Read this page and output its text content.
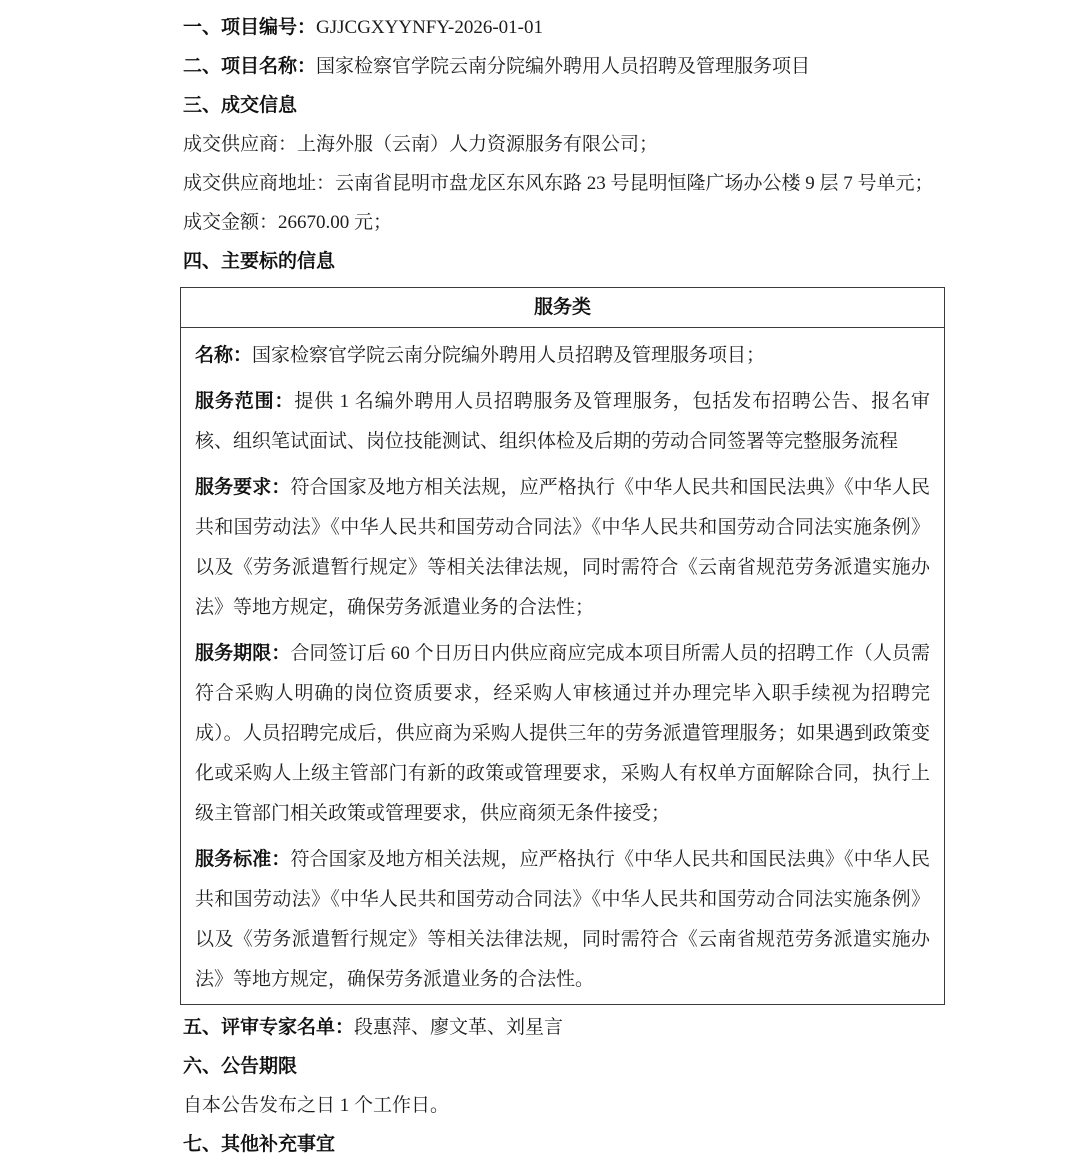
一、项目编号：GJJCGXYYNFY-2026-01-01

二、项目名称：国家检察官学院云南分院编外聘用人员招聘及管理服务项目

三、成交信息

成交供应商：上海外服（云南）人力资源服务有限公司；

成交供应商地址：云南省昆明市盘龙区东风东路 23 号昆明恒隆广场办公楼 9 层 7 号单元；

成交金额：26670.00 元；

四、主要标的信息

服务类

名称：国家检察官学院云南分院编外聘用人员招聘及管理服务项目；

服务范围：提供 1 名编外聘用人员招聘服务及管理服务，包括发布招聘公告、报名审核、组织笔试面试、岗位技能测试、组织体检及后期的劳动合同签署等完整服务流程

服务要求：符合国家及地方相关法规，应严格执行《中华人民共和国民法典》《中华人民共和国劳动法》《中华人民共和国劳动合同法》《中华人民共和国劳动合同法实施条例》以及《劳务派遣暂行规定》等相关法律法规，同时需符合《云南省规范劳务派遣实施办法》等地方规定，确保劳务派遣业务的合法性；

服务期限：合同签订后 60 个日历日内供应商应完成本项目所需人员的招聘工作（人员需符合采购人明确的岗位资质要求，经采购人审核通过并办理完毕入职手续视为招聘完成）。人员招聘完成后，供应商为采购人提供三年的劳务派遣管理服务；如果遇到政策变化或采购人上级主管部门有新的政策或管理要求，采购人有权单方面解除合同，执行上级主管部门相关政策或管理要求，供应商须无条件接受；

服务标准：符合国家及地方相关法规，应严格执行《中华人民共和国民法典》《中华人民共和国劳动法》《中华人民共和国劳动合同法》《中华人民共和国劳动合同法实施条例》以及《劳务派遣暂行规定》等相关法律法规，同时需符合《云南省规范劳务派遣实施办法》等地方规定，确保劳务派遣业务的合法性。

五、评审专家名单：段惠萍、廖文革、刘星言

六、公告期限

自本公告发布之日 1 个工作日。

七、其他补充事宜
